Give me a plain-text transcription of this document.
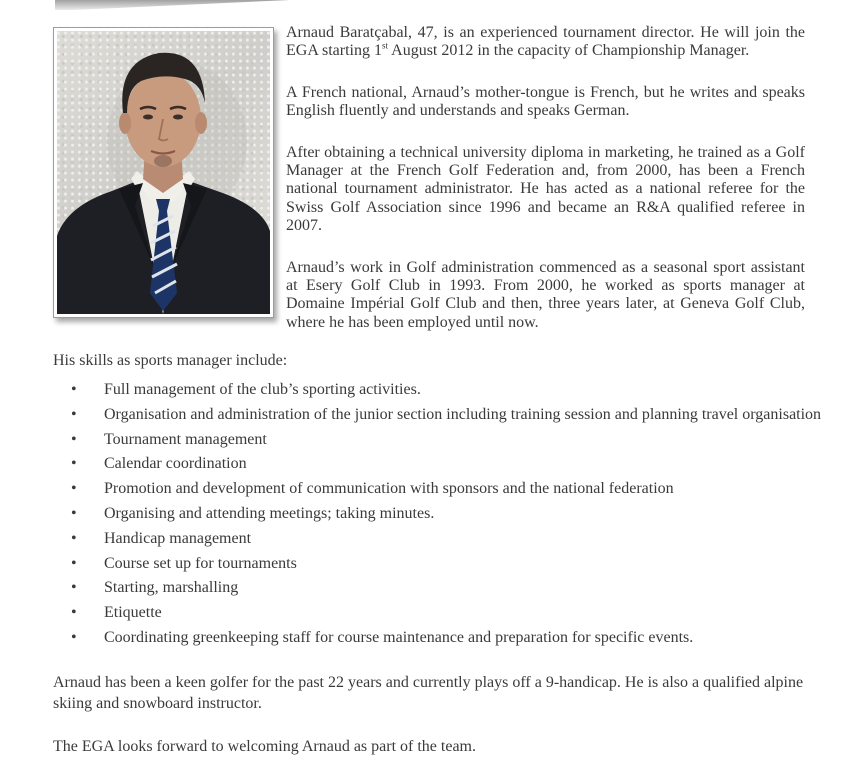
Arnaud Baratçabal, 47, is an experienced tournament director. He will join the EGA starting 1st August 2012 in the capacity of Championship Manager.

A French national, Arnaud’s mother-tongue is French, but he writes and speaks English fluently and understands and speaks German.

After obtaining a technical university diploma in marketing, he trained as a Golf Manager at the French Golf Federation and, from 2000, has been a French national tournament administrator. He has acted as a national referee for the Swiss Golf Association since 1996 and became an R&A qualified referee in 2007.

Arnaud’s work in Golf administration commenced as a seasonal sport assistant at Esery Golf Club in 1993. From 2000, he worked as sports manager at Domaine Impérial Golf Club and then, three years later, at Geneva Golf Club, where he has been employed until now.

His skills as sports manager include:

• Full management of the club’s sporting activities.
• Organisation and administration of the junior section including training session and planning travel organisation
• Tournament management
• Calendar coordination
• Promotion and development of communication with sponsors and the national federation
• Organising and attending meetings; taking minutes.
• Handicap management
• Course set up for tournaments
• Starting, marshalling
• Etiquette
• Coordinating greenkeeping staff for course maintenance and preparation for specific events.

Arnaud has been a keen golfer for the past 22 years and currently plays off a 9-handicap. He is also a qualified alpine skiing and snowboard instructor.

The EGA looks forward to welcoming Arnaud as part of the team.
